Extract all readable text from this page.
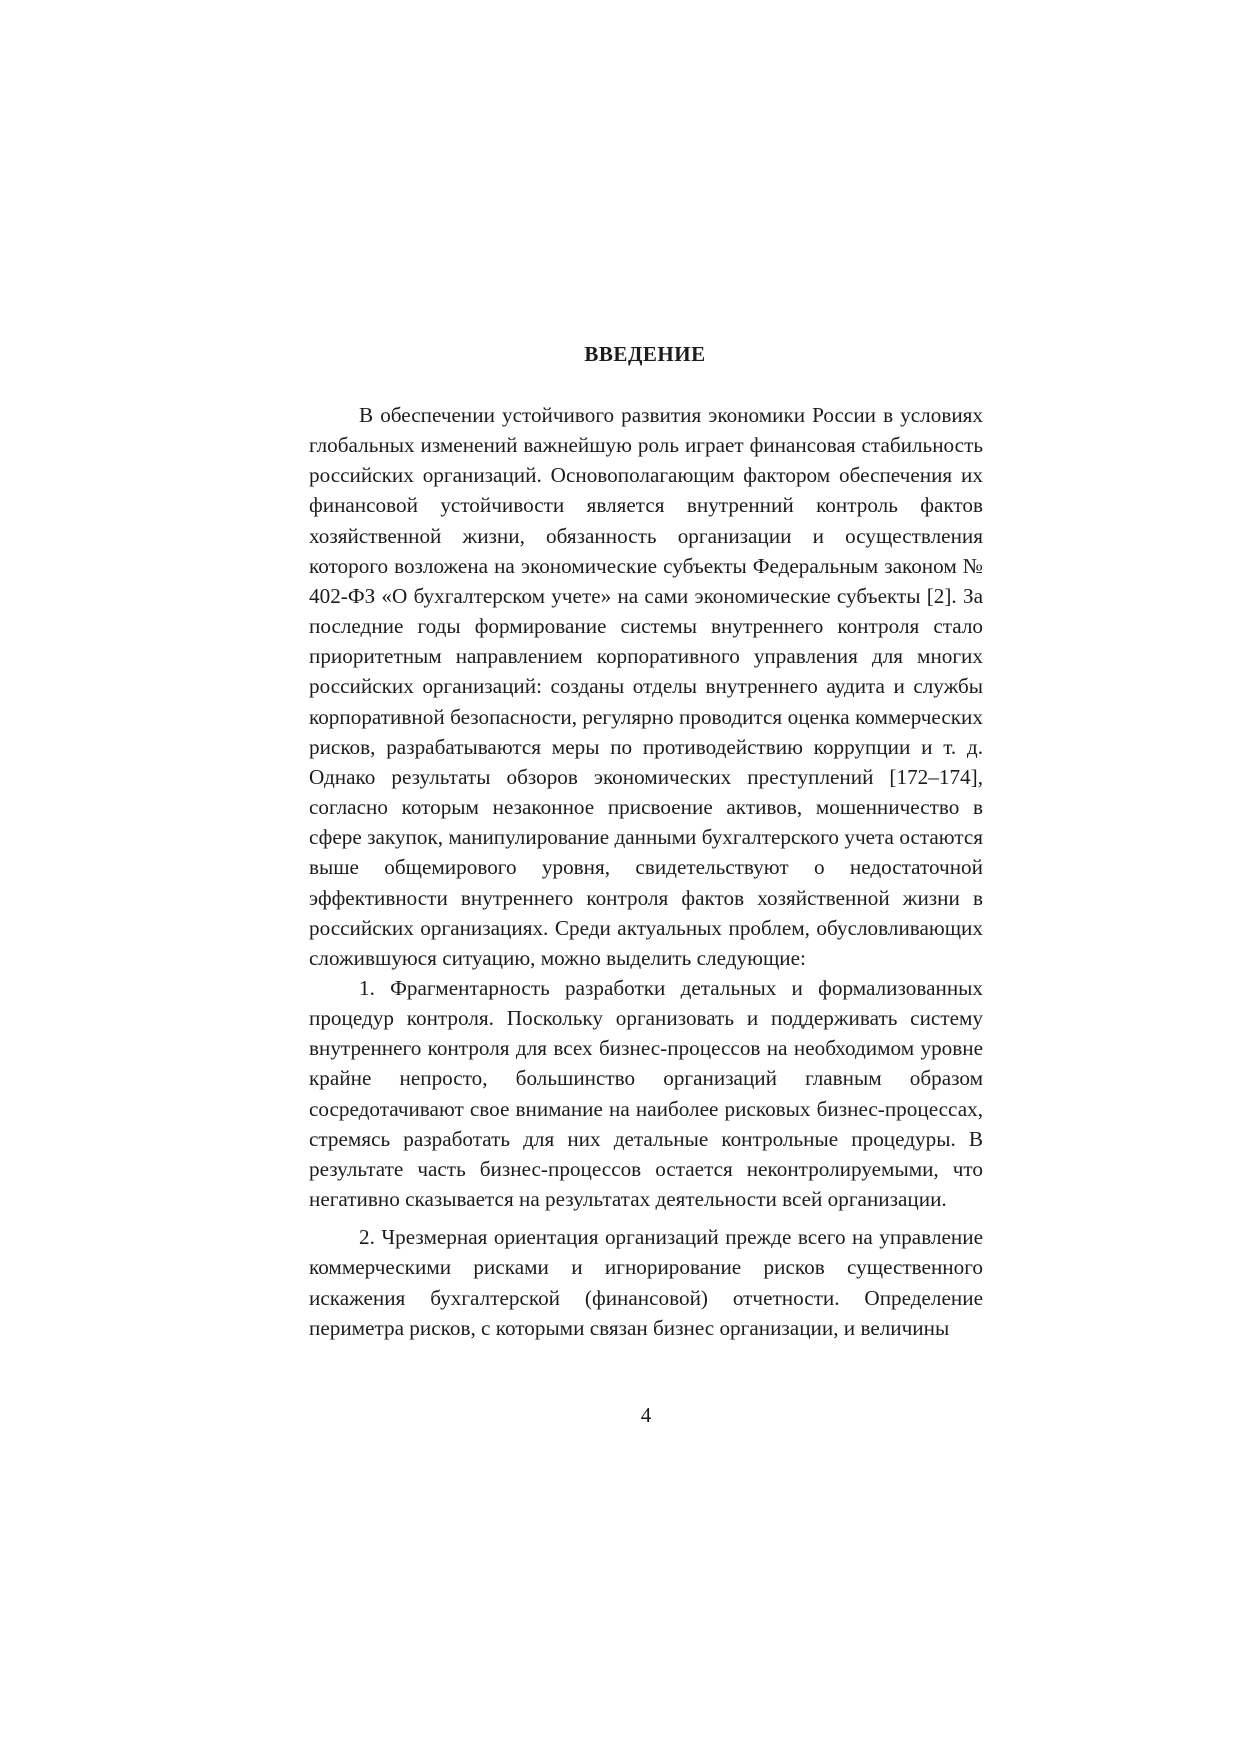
ВВЕДЕНИЕ

В обеспечении устойчивого развития экономики России в условиях глобальных изменений важнейшую роль играет финансовая стабильность российских организаций. Основополагающим фактором обеспечения их финансовой устойчивости является внутренний контроль фактов хозяйственной жизни, обязанность организации и осуществления которого возложена на экономические субъекты Федеральным законом № 402-ФЗ «О бухгалтерском учете» на сами экономические субъекты [2]. За последние годы формирование системы внутреннего контроля стало приоритетным направлением корпоративного управления для многих российских организаций: созданы отделы внутреннего аудита и службы корпоративной безопасности, регулярно проводится оценка коммерческих рисков, разрабатываются меры по противодействию коррупции и т. д. Однако результаты обзоров экономических преступлений [172–174], согласно которым незаконное присвоение активов, мошенничество в сфере закупок, манипулирование данными бухгалтерского учета остаются выше общемирового уровня, свидетельствуют о недостаточной эффективности внутреннего контроля фактов хозяйственной жизни в российских организациях. Среди актуальных проблем, обусловливающих сложившуюся ситуацию, можно выделить следующие:

1. Фрагментарность разработки детальных и формализованных процедур контроля. Поскольку организовать и поддерживать систему внутреннего контроля для всех бизнес-процессов на необходимом уровне крайне непросто, большинство организаций главным образом сосредотачивают свое внимание на наиболее рисковых бизнес-процессах, стремясь разработать для них детальные контрольные процедуры. В результате часть бизнес-процессов остается неконтролируемыми, что негативно сказывается на результатах деятельности всей организации.

2. Чрезмерная ориентация организаций прежде всего на управление коммерческими рисками и игнорирование рисков существенного искажения бухгалтерской (финансовой) отчетности. Определение периметра рисков, с которыми связан бизнес организации, и величины

4
